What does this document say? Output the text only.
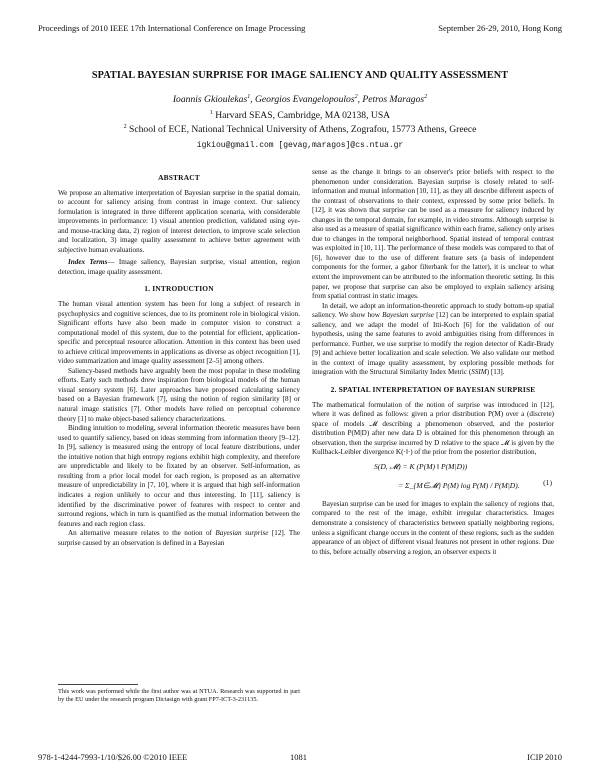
Proceedings of 2010 IEEE 17th International Conference on Image Processing	September 26-29, 2010, Hong Kong
SPATIAL BAYESIAN SURPRISE FOR IMAGE SALIENCY AND QUALITY ASSESSMENT
Ioannis Gkioulekas$^1$, Georgios Evangelopoulos$^2$, Petros Maragos$^2$
$^1$ Harvard SEAS, Cambridge, MA 02138, USA
$^2$ School of ECE, National Technical University of Athens, Zografou, 15773 Athens, Greece
igkiou@gmail.com [gevag,maragos]@cs.ntua.gr
ABSTRACT

We propose an alternative interpretation of Bayesian surprise in the spatial domain, to account for saliency arising from contrast in image context. Our saliency formulation is integrated in three different application scenaria, with considerable improvements in performance: 1) visual attention prediction, validated using eye- and mouse-tracking data, 2) region of interest detection, to improve scale selection and localization, 3) image quality assessment to achieve better agreement with subjective human evaluations.

Index Terms— Image saliency, Bayesian surprise, visual attention, region detection, image quality assessment.

1. INTRODUCTION

The human visual attention system has been for long a subject of research in psychophysics and cognitive sciences, due to its prominent role in biological vision. Significant efforts have also been made in computer vision to construct a computational model of this system, due to the potential for efficient, application-specific and perceptual resource allocation. Attention in this context has been used to achieve critical improvements in applications as diverse as object recognition [1], video summarization and image quality assessment [2–5] among others.

Saliency-based methods have arguably been the most popular in these modeling efforts. Early such methods drew inspiration from biological models of the human visual sensory system [6]. Later approaches have proposed calculating saliency based on a Bayesian framework [7], using the notion of region similarity [8] or natural image statistics [7]. Other models have relied on perceptual coherence theory [1] to make object-based saliency characterizations.

Binding intuition to modeling, several information theoretic measures have been used to quantify saliency, based on ideas stemming from information theory [9–12]. In [9], saliency is measured using the entropy of local feature distributions, under the intuitive notion that high entropy regions exhibit high complexity, and therefore are unpredictable and likely to be fixated by an observer. Self-information, as resulting from a prior local model for each region, is proposed as an alternative measure of unpredictability in [7, 10], where it is argued that high self-information indicates a region unlikely to occur and thus interesting. In [11], saliency is identified by the discriminative power of features with respect to center and surround regions, which in turn is quantified as the mutual information between the features and each region class.

An alternative measure relates to the notion of Bayesian surprise [12]. The surprise caused by an observation is defined in a Bayesian

This work was performed while the first author was at NTUA. Research was supported in part by the EU under the research program Dictasign with grant FP7-ICT-3-231135.

sense as the change it brings to an observer's prior beliefs with respect to the phenomenon under consideration. Bayesian surprise is closely related to self-information and mutual information [10, 11], as they all describe different aspects of the contrast of observations to their context, expressed by some prior beliefs. In [12], it was shown that surprise can be used as a measure for saliency induced by changes in the temporal domain, for example, in video streams. Although surprise is also used as a measure of spatial significance within each frame, saliency only arises due to changes in the temporal neighborhood. Spatial instead of temporal contrast was exploited in [10, 11]. The performance of these models was compared to that of [6], however due to the use of different feature sets (a basis of independent components for the former, a gabor filterbank for the latter), it is unclear to what extent the improvement can be attributed to the information theoretic setting. In this paper, we propose that surprise can also be employed to explain saliency arising from spatial contrast in static images.

In detail, we adopt an information-theoretic approach to study bottom-up spatial saliency. We show how Bayesian surprise [12] can be interpreted to explain spatial saliency, and we adapt the model of Itti-Koch [6] for the validation of our hypothesis, using the same features to avoid ambiguities rising from differences in performance. Further, we use surprise to modify the region detector of Kadir-Brady [9] and achieve better localization and scale selection. We also validate our method in the context of image quality assessment, by exploring possible methods for integration with the Structural Similarity Index Metric (SSIM) [13].

2. SPATIAL INTERPRETATION OF BAYESIAN SURPRISE

The mathematical formulation of the notion of surprise was introduced in [12], where it was defined as follows: given a prior distribution P(M) over a (discrete) space of models 𝓜 describing a phenomenon observed, and the posterior distribution P(M|D) after new data D is obtained for this phenomenon through an observation, then the surprise incurred by D relative to the space 𝓜 is given by the Kullback-Leibler divergence K(·‖·) of the prior from the posterior distribution,

S(D, 𝓜) = K (P(M) ‖ P(M|D))
= Σ_{M∈𝓜} P(M) log P(M) / P(M|D).	(1)

Bayesian surprise can be used for images to explain the saliency of regions that, compared to the rest of the image, exhibit irregular characteristics. Images demonstrate a consistency of characteristics between spatially neighboring regions, unless a significant change occurs in the content of these regions, such as the sudden appearance of an object of different visual features not present in other regions. Due to this, before actually observing a region, an observer expects it

978-1-4244-7993-1/10/$26.00 ©2010 IEEE	1081	ICIP 2010
